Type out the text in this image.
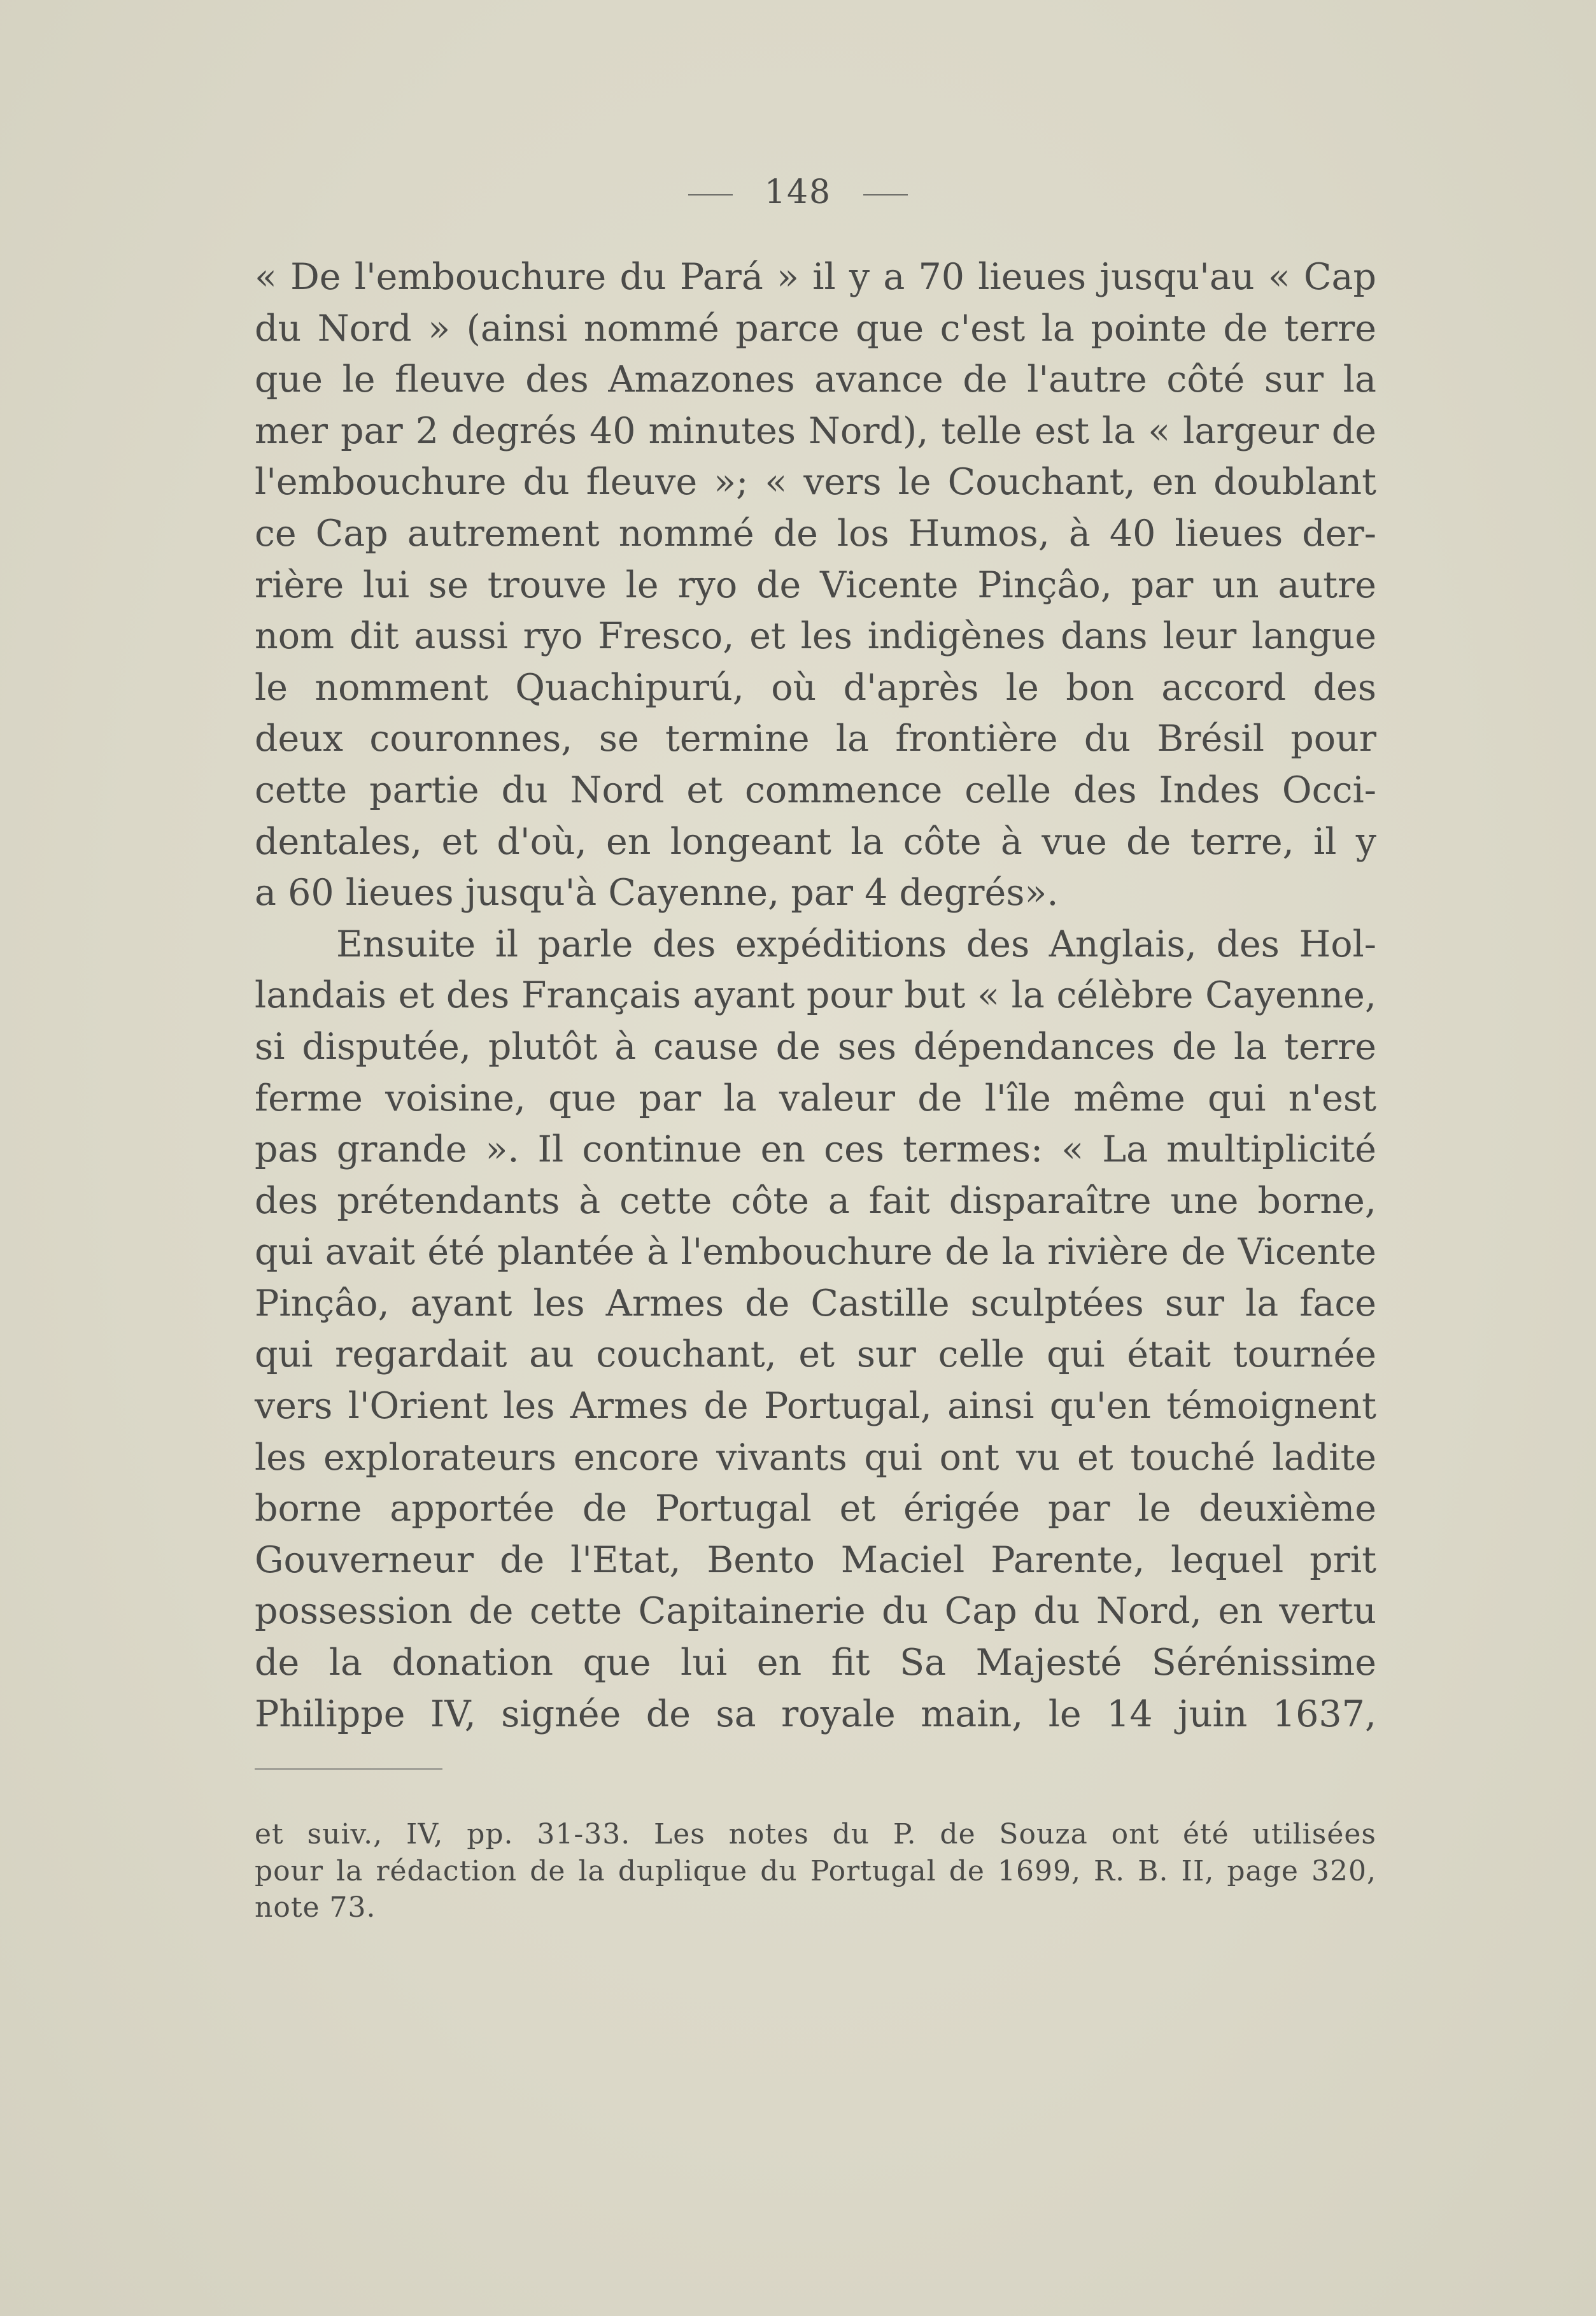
148
« De l'embouchure du Pará » il y a 70 lieues jusqu'au « Cap
du Nord » (ainsi nommé parce que c'est la pointe de terre
que le fleuve des Amazones avance de l'autre côté sur la
mer par 2 degrés 40 minutes Nord), telle est la « largeur de
l'embouchure du fleuve »; « vers le Couchant, en doublant
ce Cap autrement nommé de los Humos, à 40 lieues der-
rière lui se trouve le ryo de Vicente Pinçâo, par un autre
nom dit aussi ryo Fresco, et les indigènes dans leur langue
le nomment Quachipurú, où d'après le bon accord des
deux couronnes, se termine la frontière du Brésil pour
cette partie du Nord et commence celle des Indes Occi-
dentales, et d'où, en longeant la côte à vue de terre, il y
a 60 lieues jusqu'à Cayenne, par 4 degrés».
Ensuite il parle des expéditions des Anglais, des Hol-
landais et des Français ayant pour but « la célèbre Cayenne,
si disputée, plutôt à cause de ses dépendances de la terre
ferme voisine, que par la valeur de l'île même qui n'est
pas grande ». Il continue en ces termes: « La multiplicité
des prétendants à cette côte a fait disparaître une borne,
qui avait été plantée à l'embouchure de la rivière de Vicente
Pinçâo, ayant les Armes de Castille sculptées sur la face
qui regardait au couchant, et sur celle qui était tournée
vers l'Orient les Armes de Portugal, ainsi qu'en témoignent
les explorateurs encore vivants qui ont vu et touché ladite
borne apportée de Portugal et érigée par le deuxième
Gouverneur de l'Etat, Bento Maciel Parente, lequel prit
possession de cette Capitainerie du Cap du Nord, en vertu
de la donation que lui en fit Sa Majesté Sérénissime
Philippe IV, signée de sa royale main, le 14 juin 1637,
et suiv., IV, pp. 31-33. Les notes du P. de Souza ont été utilisées
pour la rédaction de la duplique du Portugal de 1699, R. B. II, page 320,
note 73.
